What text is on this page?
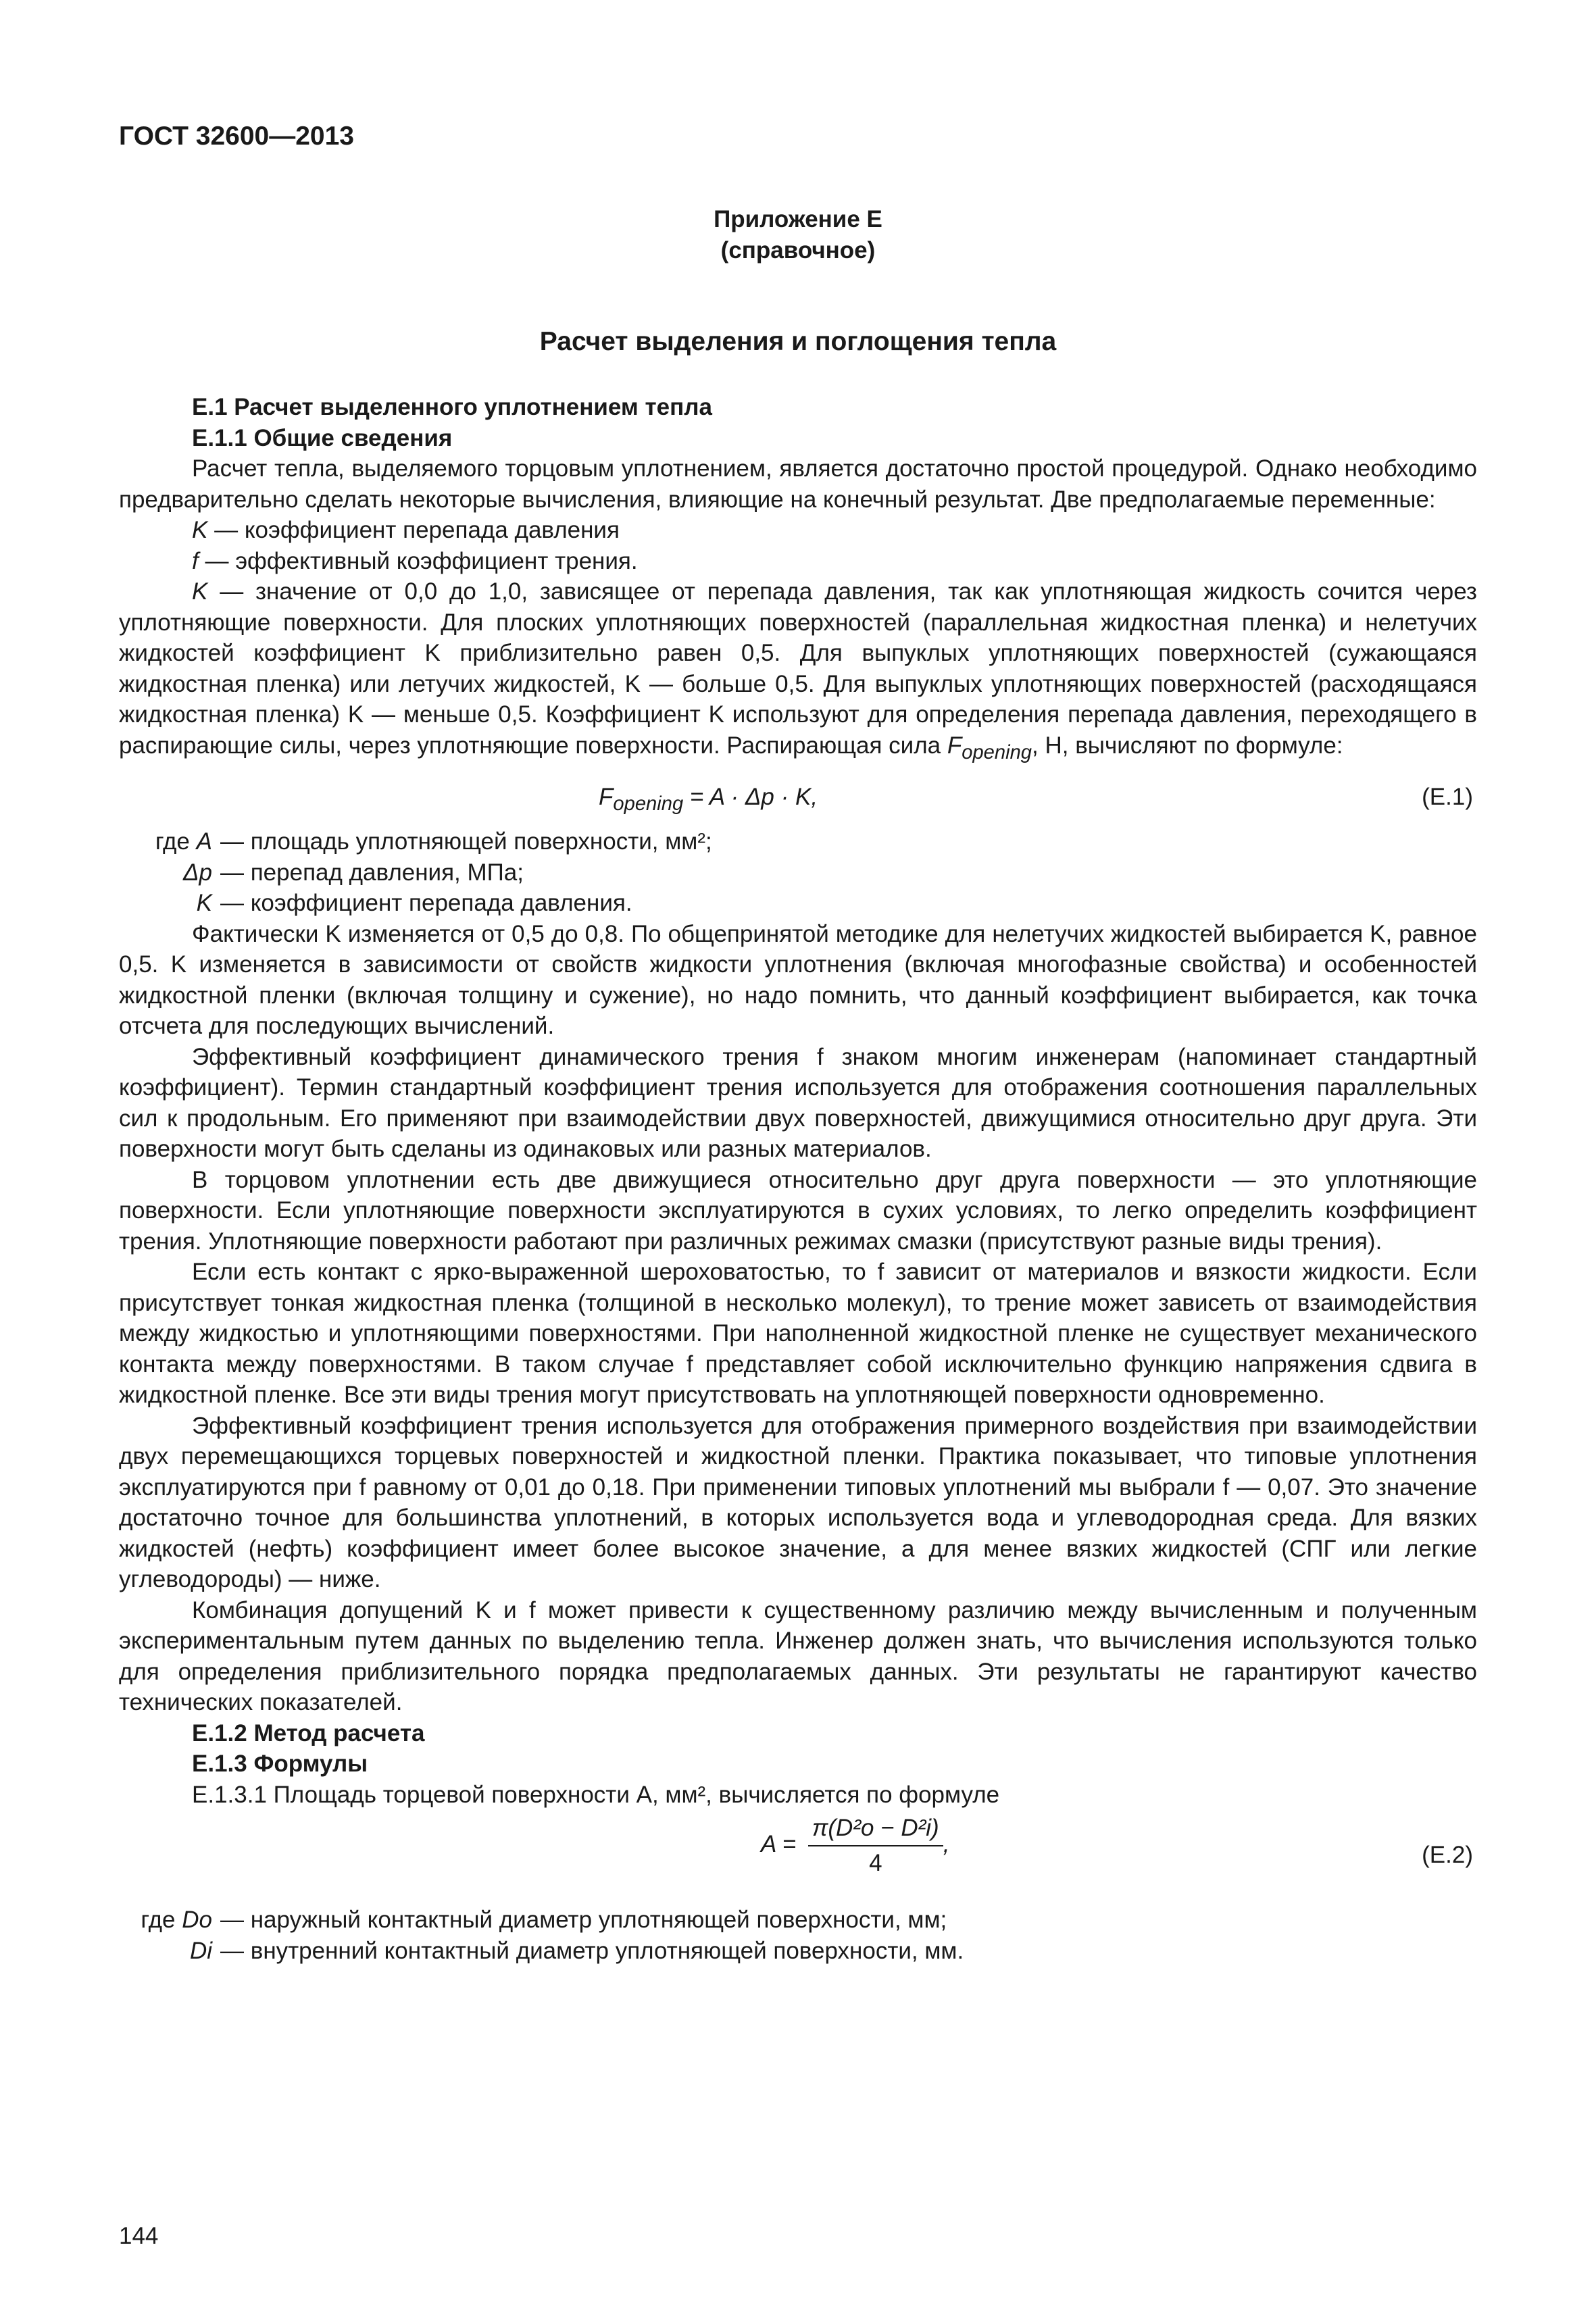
ГОСТ 32600—2013
Приложение Е
(справочное)
Расчет выделения и поглощения тепла

Е.1 Расчет выделенного уплотнением тепла

Е.1.1 Общие сведения

Расчет тепла, выделяемого торцовым уплотнением, является достаточно простой процедурой. Однако необходимо предварительно сделать некоторые вычисления, влияющие на конечный результат. Две предполагаемые переменные:

K — коэффициент перепада давления

f — эффективный коэффициент трения.

K — значение от 0,0 до 1,0, зависящее от перепада давления, так как уплотняющая жидкость сочится через уплотняющие поверхности. Для плоских уплотняющих поверхностей (параллельная жидкостная пленка) и нелетучих жидкостей коэффициент K приблизительно равен 0,5. Для выпуклых уплотняющих поверхностей (сужающаяся жидкостная пленка) или летучих жидкостей, K — больше 0,5. Для выпуклых уплотняющих поверхностей (расходящаяся жидкостная пленка) K — меньше 0,5. Коэффициент K используют для определения перепада давления, переходящего в распирающие силы, через уплотняющие поверхности. Распирающая сила $F_{opening}$, Н, вычисляют по формуле:

$F_{opening} = A \cdot \Delta p \cdot K$,	(Е.1)
где A — площадь уплотняющей поверхности, мм²;
Δp — перепад давления, МПа;
K — коэффициент перепада давления.

Фактически K изменяется от 0,5 до 0,8. По общепринятой методике для нелетучих жидкостей выбирается K, равное 0,5. K изменяется в зависимости от свойств жидкости уплотнения (включая многофазные свойства) и особенностей жидкостной пленки (включая толщину и сужение), но надо помнить, что данный коэффициент выбирается, как точка отсчета для последующих вычислений.

Эффективный коэффициент динамического трения f знаком многим инженерам (напоминает стандартный коэффициент). Термин стандартный коэффициент трения используется для отображения соотношения параллельных сил к продольным. Его применяют при взаимодействии двух поверхностей, движущимися относительно друг друга. Эти поверхности могут быть сделаны из одинаковых или разных материалов.

В торцовом уплотнении есть две движущиеся относительно друг друга поверхности — это уплотняющие поверхности. Если уплотняющие поверхности эксплуатируются в сухих условиях, то легко определить коэффициент трения. Уплотняющие поверхности работают при различных режимах смазки (присутствуют разные виды трения).

Если есть контакт с ярко-выраженной шероховатостью, то f зависит от материалов и вязкости жидкости. Если присутствует тонкая жидкостная пленка (толщиной в несколько молекул), то трение может зависеть от взаимодействия между жидкостью и уплотняющими поверхностями. При наполненной жидкостной пленке не существует механического контакта между поверхностями. В таком случае f представляет собой исключительно функцию напряжения сдвига в жидкостной пленке. Все эти виды трения могут присутствовать на уплотняющей поверхности одновременно.

Эффективный коэффициент трения используется для отображения примерного воздействия при взаимодействии двух перемещающихся торцевых поверхностей и жидкостной пленки. Практика показывает, что типовые уплотнения эксплуатируются при f равному от 0,01 до 0,18. При применении типовых уплотнений мы выбрали f — 0,07. Это значение достаточно точное для большинства уплотнений, в которых используется вода и углеводородная среда. Для вязких жидкостей (нефть) коэффициент имеет более высокое значение, а для менее вязких жидкостей (СПГ или легкие углеводороды) — ниже.

Комбинация допущений K и f может привести к существенному различию между вычисленным и полученным экспериментальным путем данных по выделению тепла. Инженер должен знать, что вычисления используются только для определения приблизительного порядка предполагаемых данных. Эти результаты не гарантируют качество технических показателей.

Е.1.2 Метод расчета

Е.1.3 Формулы

Е.1.3.1 Площадь торцевой поверхности A, мм², вычисляется по формуле

$A = \frac{\text{π(D²o − D²i)}}{4}$ ,	(Е.2)
где Do — наружный контактный диаметр уплотняющей поверхности, мм;
Di — внутренний контактный диаметр уплотняющей поверхности, мм.
144
